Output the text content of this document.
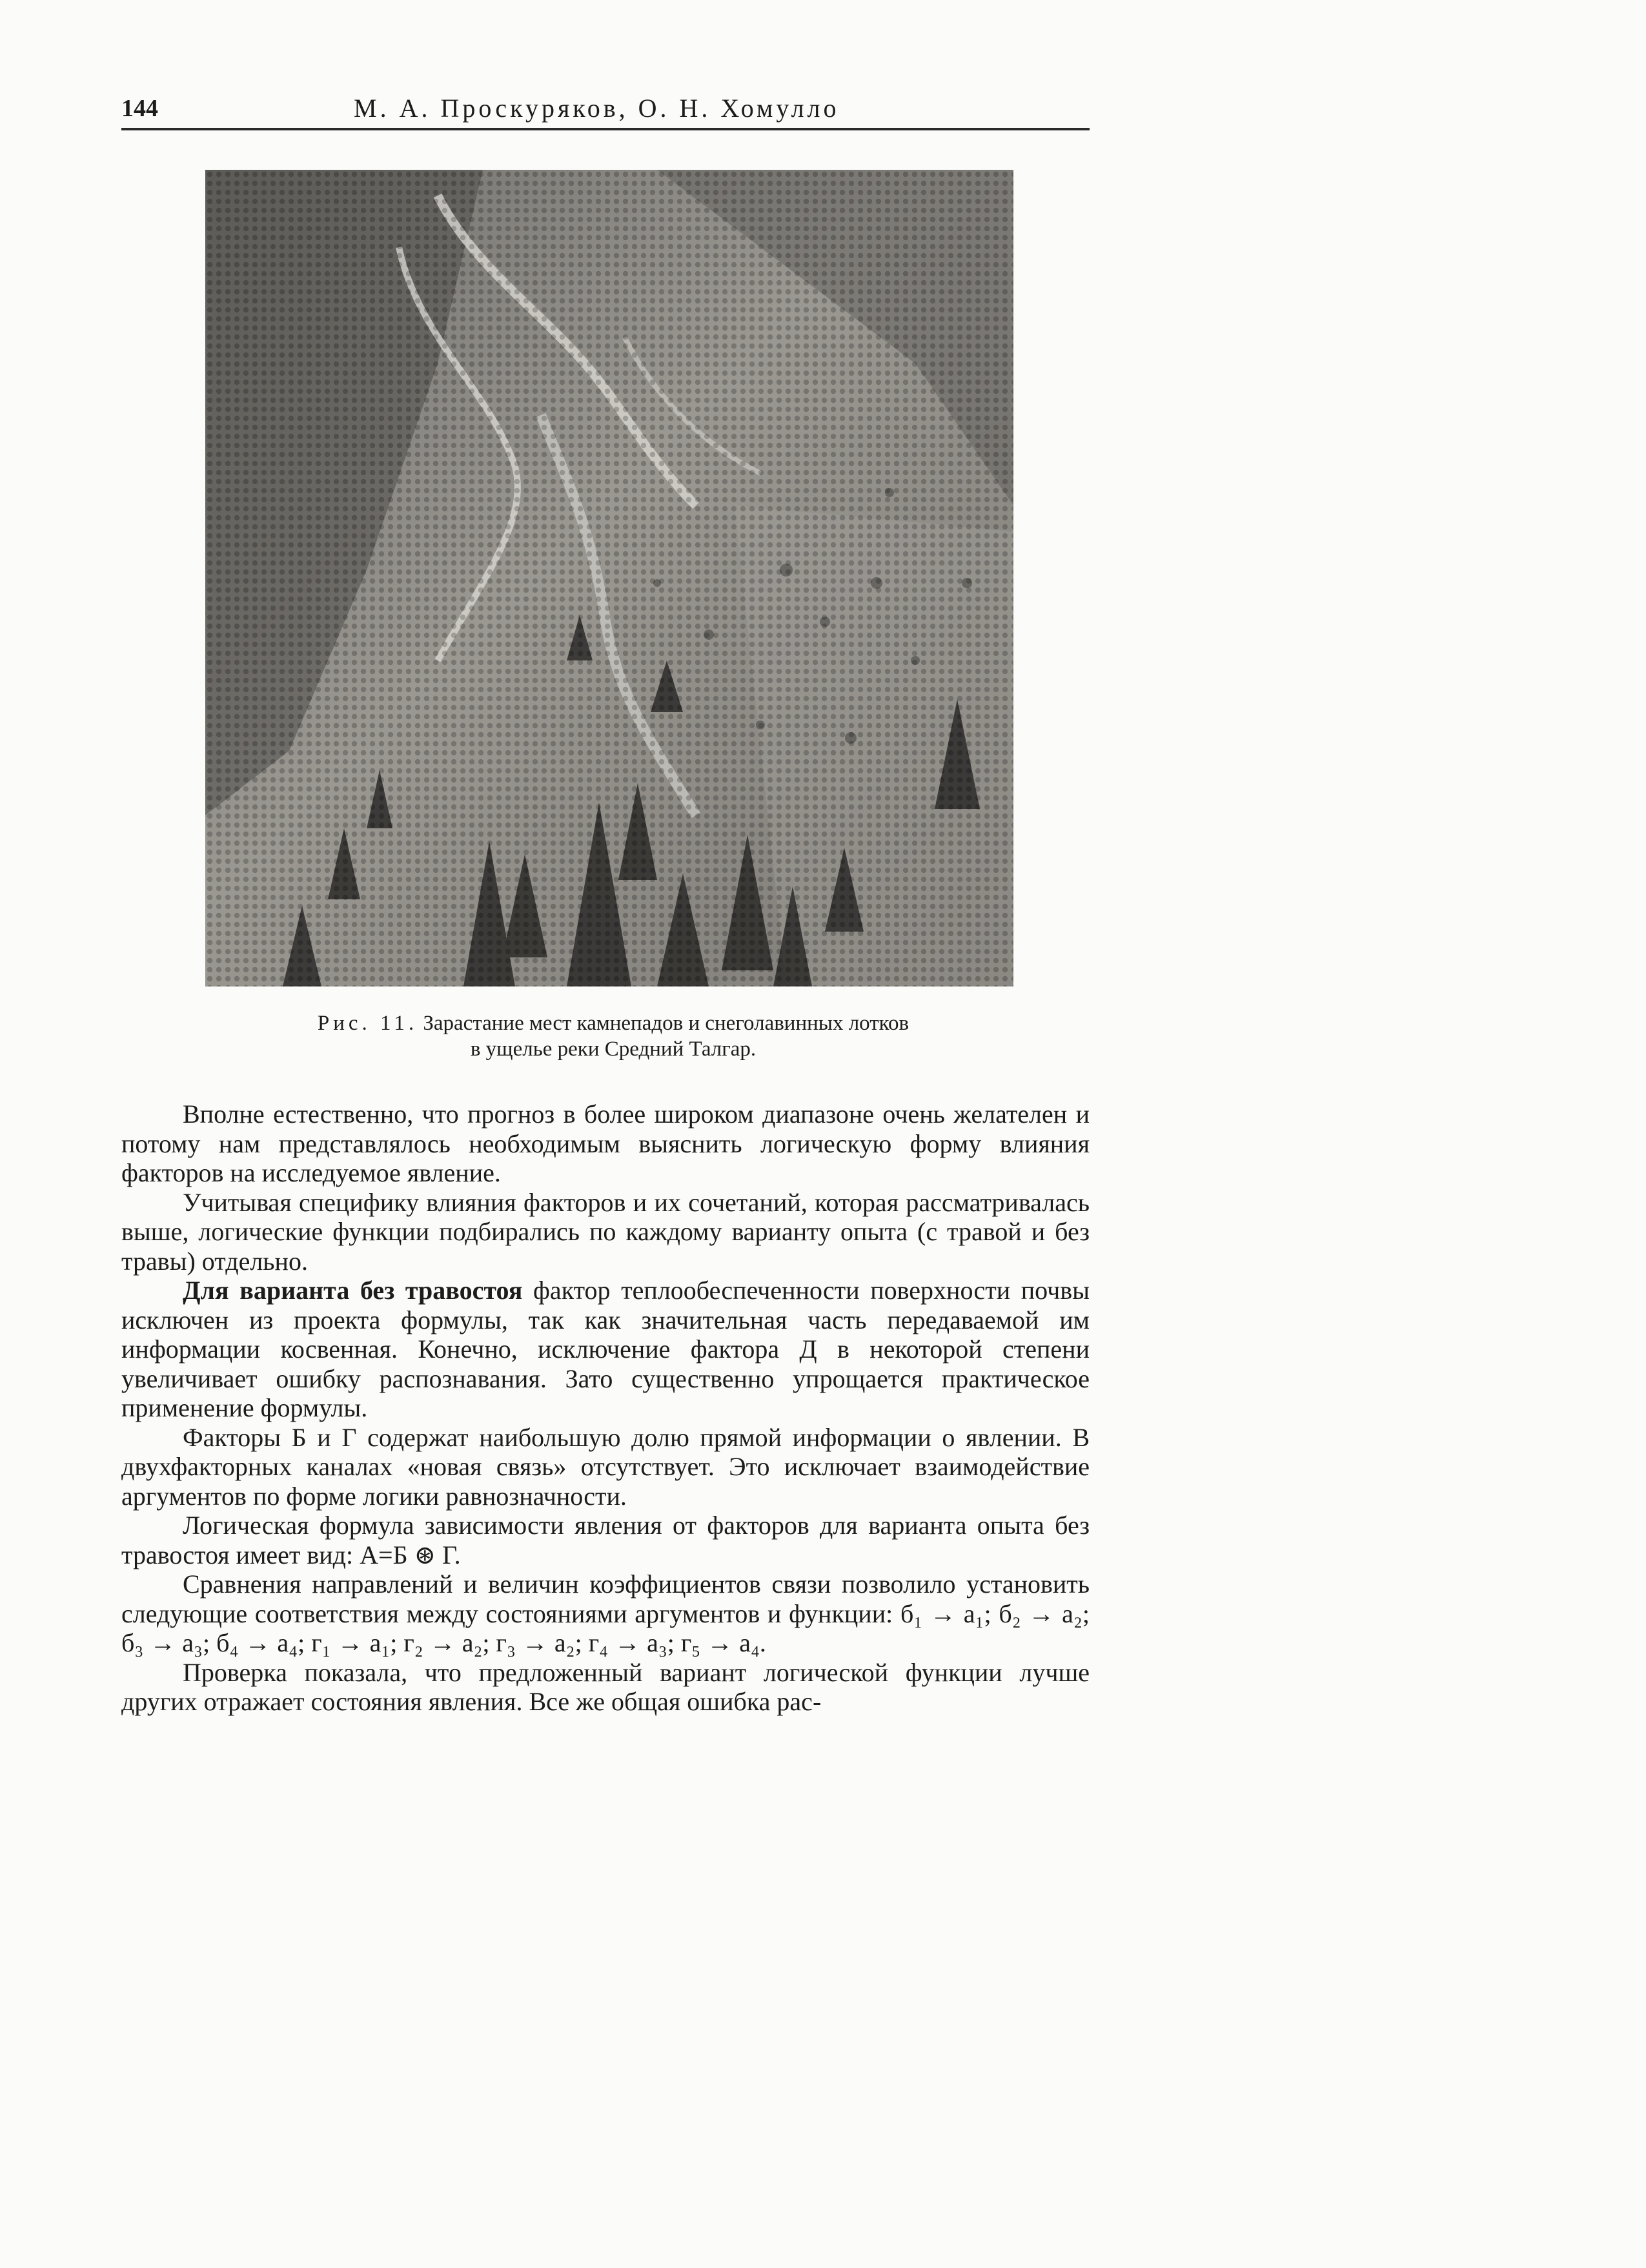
144	М. А. Проскуряков, О. Н. Хомулло
Рис. 11. Зарастание мест камнепадов и снеголавинных лотков
в ущелье реки Средний Талгар.

Вполне естественно, что прогноз в более широком диапазоне очень желателен и потому нам представлялось необходимым выяснить логическую форму влияния факторов на исследуемое явление.

Учитывая специфику влияния факторов и их сочетаний, которая рассматривалась выше, логические функции подбирались по каждому варианту опыта (с травой и без травы) отдельно.

Для варианта без травостоя фактор теплообеспеченности поверхности почвы исключен из проекта формулы, так как значительная часть передаваемой им информации косвенная. Конечно, исключение фактора Д в некоторой степени увеличивает ошибку распознавания. Зато существенно упрощается практическое применение формулы.

Факторы Б и Г содержат наибольшую долю прямой информации о явлении. В двухфакторных каналах «новая связь» отсутствует. Это исключает взаимодействие аргументов по форме логики равнозначности.

Логическая формула зависимости явления от факторов для варианта опыта без травостоя имеет вид: А=Б ⊛ Г.

Сравнения направлений и величин коэффициентов связи позволило установить следующие соответствия между состояниями аргументов и функции: б₁ → а₁; б₂ → а₂; б₃ → а₃; б₄ → а₄; г₁ → а₁; г₂ → а₂; г₃ → а₂; г₄ → а₃; г₅ → а₄.

Проверка показала, что предложенный вариант логической функции лучше других отражает состояния явления. Все же общая ошибка рас-
